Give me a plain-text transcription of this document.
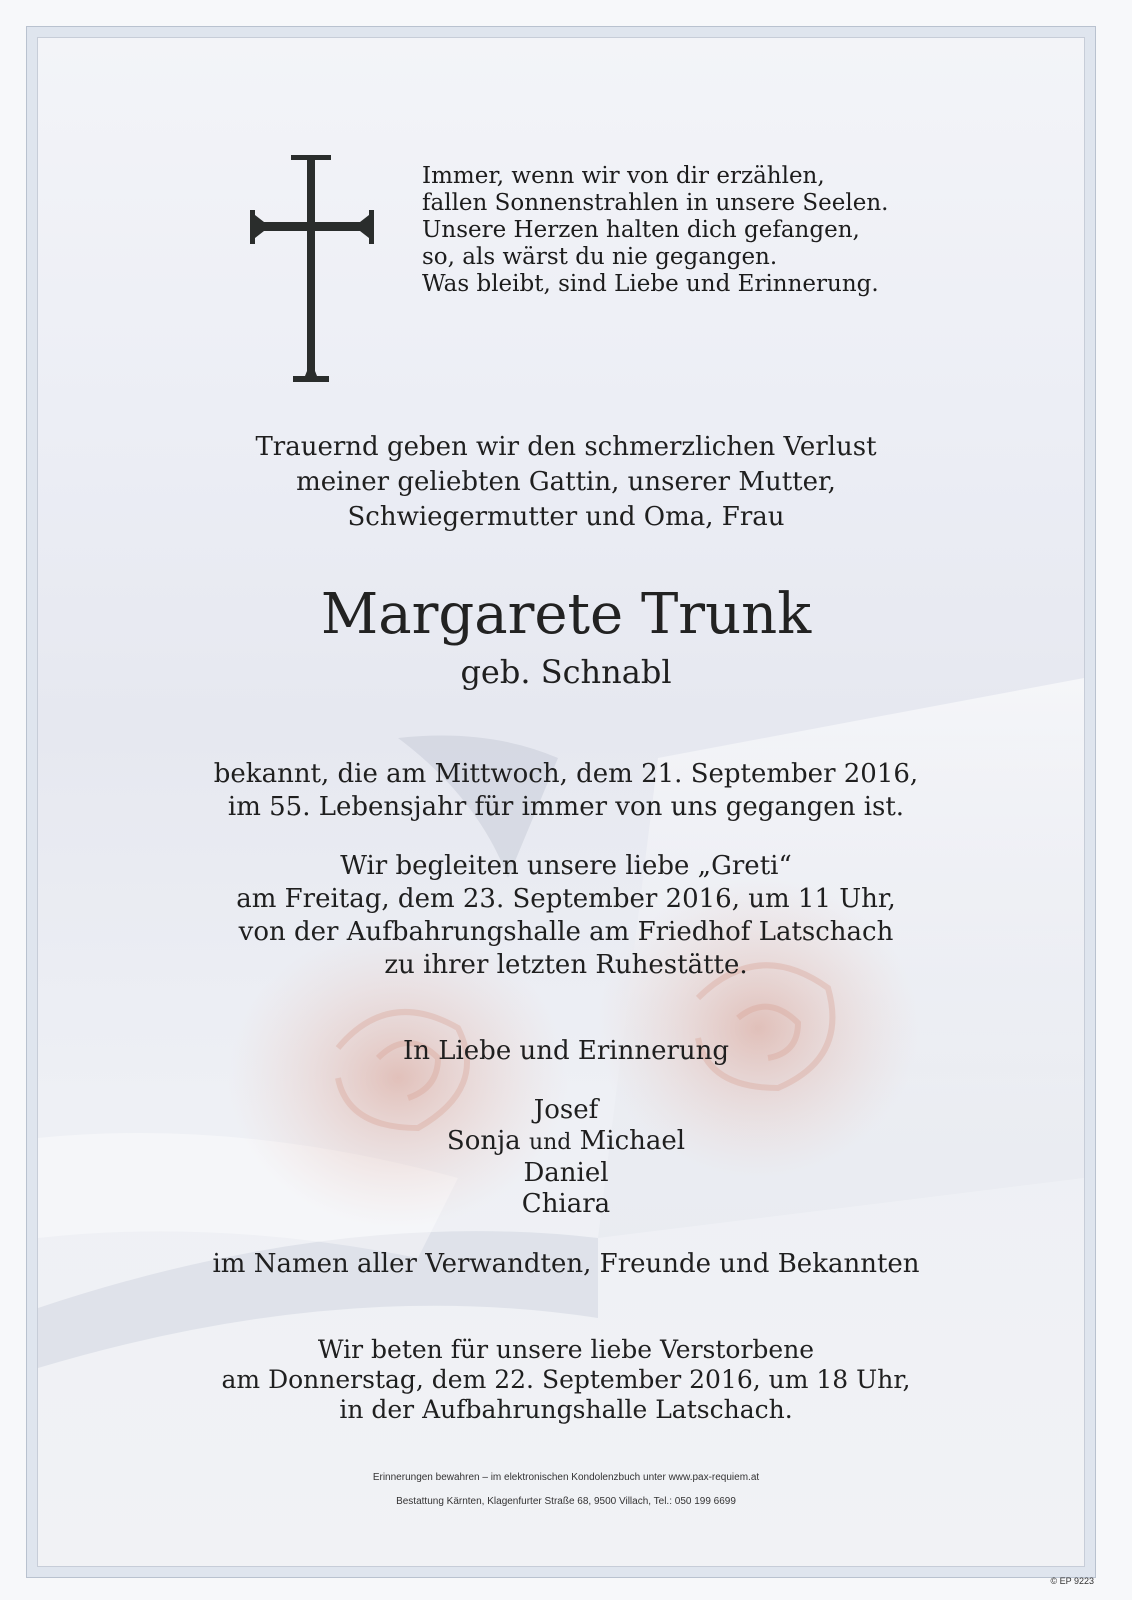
Immer, wenn wir von dir erzählen,
fallen Sonnenstrahlen in unsere Seelen.
Unsere Herzen halten dich gefangen,
so, als wärst du nie gegangen.
Was bleibt, sind Liebe und Erinnerung.
Trauernd geben wir den schmerzlichen Verlust
meiner geliebten Gattin, unserer Mutter,
Schwiegermutter und Oma, Frau
Margarete Trunk
geb. Schnabl
bekannt, die am Mittwoch, dem 21. September 2016,
im 55. Lebensjahr für immer von uns gegangen ist.
Wir begleiten unsere liebe „Greti“
am Freitag, dem 23. September 2016, um 11 Uhr,
von der Aufbahrungshalle am Friedhof Latschach
zu ihrer letzten Ruhestätte.
In Liebe und Erinnerung
Josef
Sonja und Michael
Daniel
Chiara
im Namen aller Verwandten, Freunde und Bekannten
Wir beten für unsere liebe Verstorbene
am Donnerstag, dem 22. September 2016, um 18 Uhr,
in der Aufbahrungshalle Latschach.
Erinnerungen bewahren – im elektronischen Kondolenzbuch unter www.pax-requiem.at
Bestattung Kärnten, Klagenfurter Straße 68, 9500 Villach, Tel.: 050 199 6699
© EP 9223
